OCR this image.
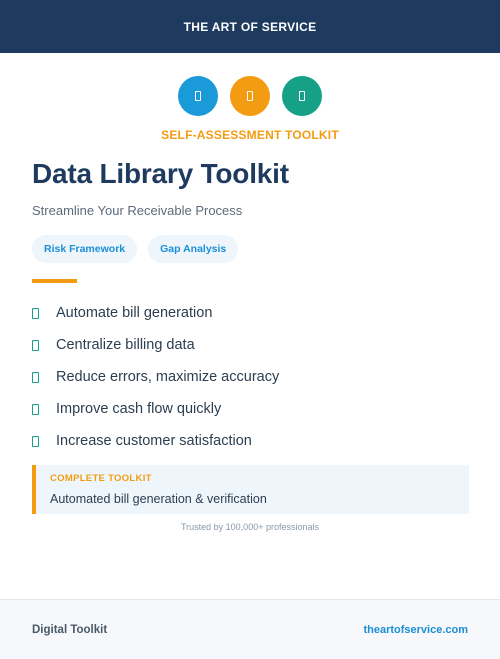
THE ART OF SERVICE
SELF-ASSESSMENT TOOLKIT
Data Library Toolkit

Streamline Your Receivable Process

Risk Framework	Gap Analysis
Automate bill generation
Centralize billing data
Reduce errors, maximize accuracy
Improve cash flow quickly
Increase customer satisfaction
COMPLETE TOOLKIT
Automated bill generation & verification
Trusted by 100,000+ professionals
Digital Toolkit	theartofservice.com
